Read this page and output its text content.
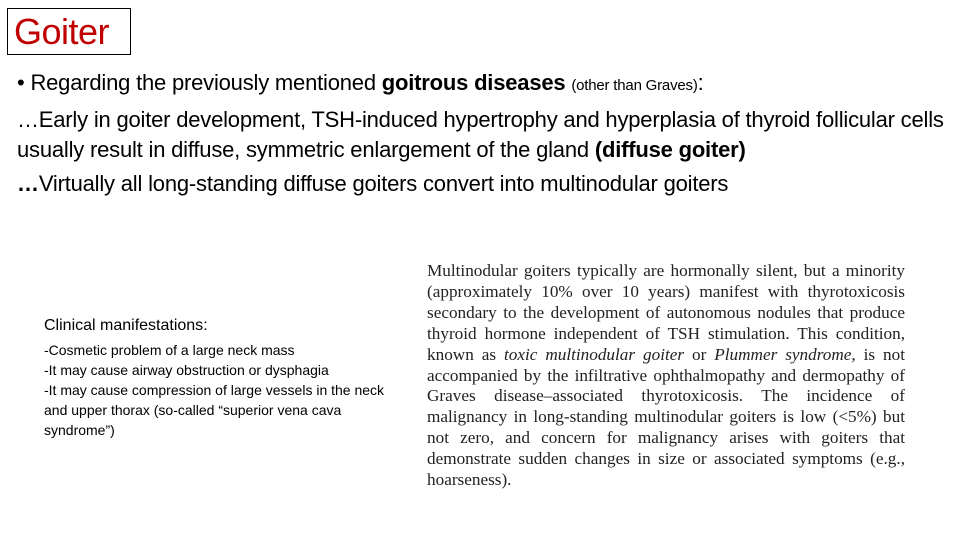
Goiter

• Regarding the previously mentioned goitrous diseases (other than Graves):

…Early in goiter development, TSH-induced hypertrophy and hyperplasia of thyroid follicular cells usually result in diffuse, symmetric enlargement of the gland (diffuse goiter)

…Virtually all long-standing diffuse goiters convert into multinodular goiters

Clinical manifestations:
-Cosmetic problem of a large neck mass
-It may cause airway obstruction or dysphagia
-It may cause compression of large vessels in the neck and upper thorax (so-called “superior vena cava syndrome”)
Multinodular goiters typically are hormonally silent, but a minority (approximately 10% over 10 years) manifest with thyrotoxicosis secondary to the development of autonomous nodules that produce thyroid hormone independent of TSH stimulation. This condition, known as toxic multinodular goiter or Plummer syndrome, is not accompanied by the infiltrative ophthalmopathy and dermopathy of Graves disease–associated thyrotoxicosis. The incidence of malignancy in long-standing multinodular goiters is low (<5%) but not zero, and concern for malignancy arises with goiters that demonstrate sudden changes in size or associated symptoms (e.g., hoarseness).
